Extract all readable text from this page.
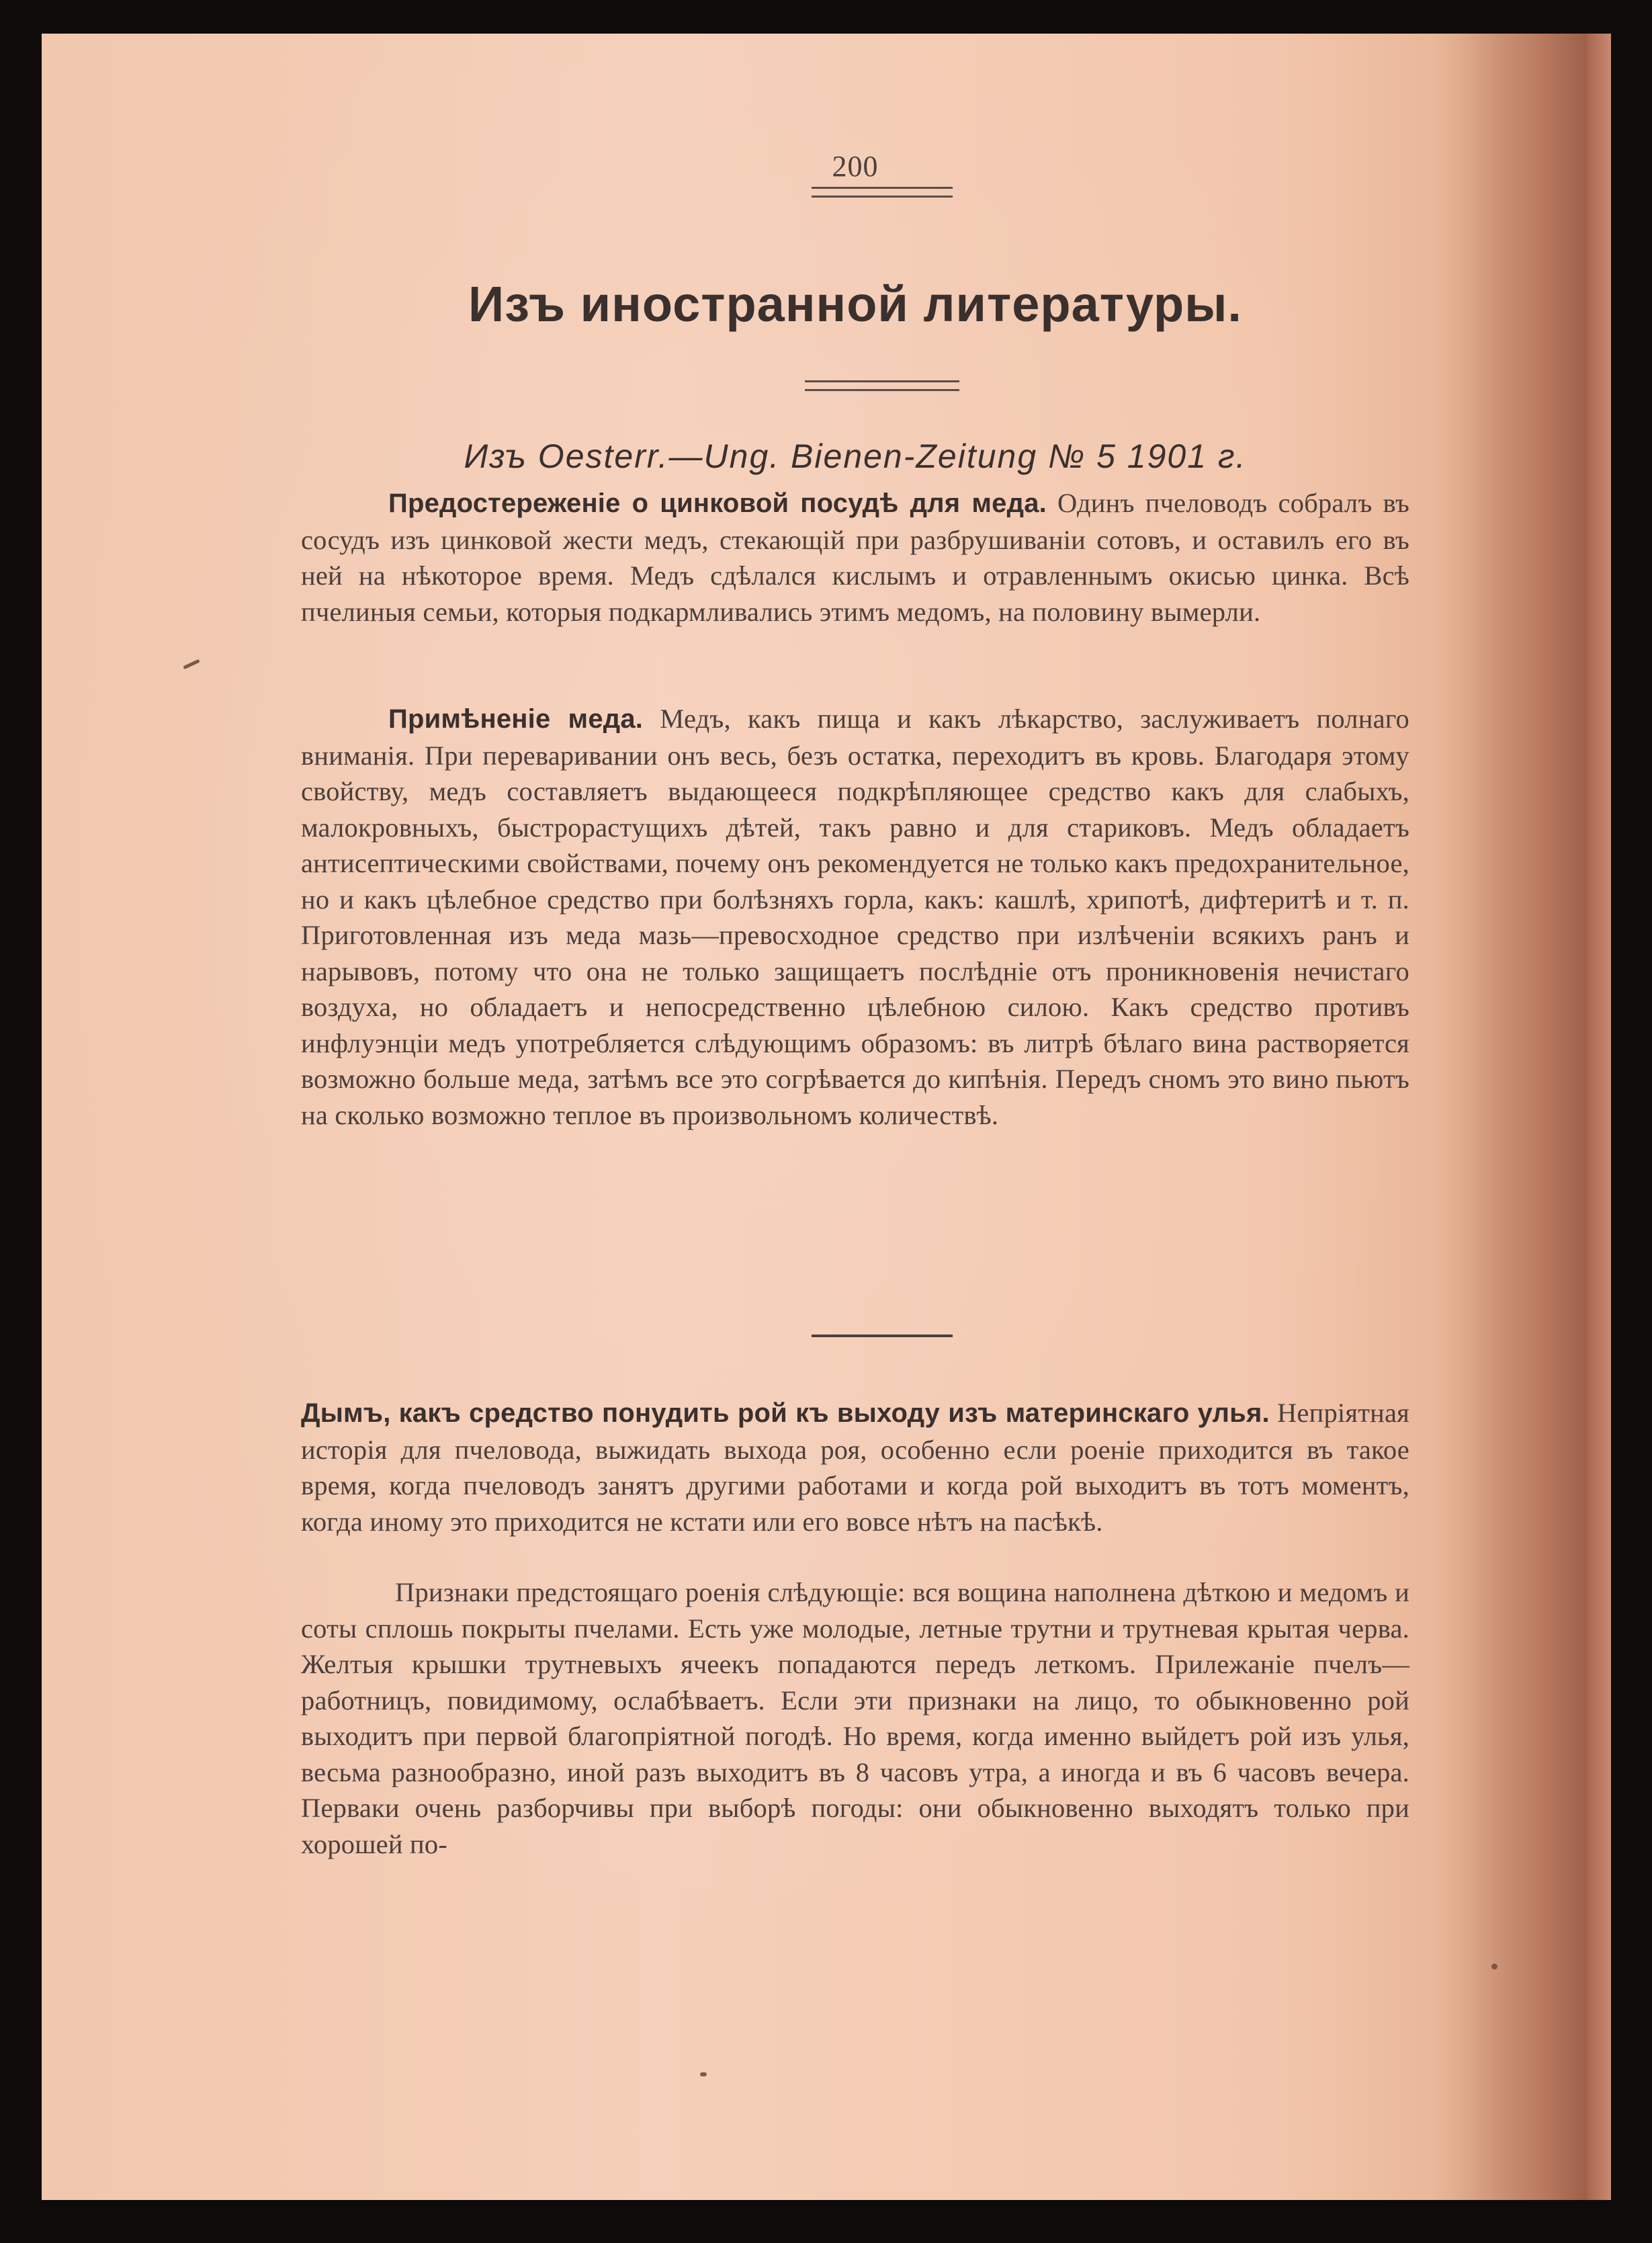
200
Изъ иностранной литературы.
Изъ Oesterr.—Ung. Bienen-Zeitung № 5 1901 г.

Предостереженіе о цинковой посудѣ для меда. Одинъ пчеловодъ собралъ въ сосудъ изъ цинковой жести медъ, стекающій при разбрушиваніи сотовъ, и оставилъ его въ ней на нѣкоторое время. Медъ сдѣлался кислымъ и отравленнымъ окисью цинка. Всѣ пчелиныя семьи, которыя подкармливались этимъ медомъ, на половину вымерли.

Примѣненіе меда. Медъ, какъ пища и какъ лѣкарство, заслуживаетъ полнаго вниманія. При переваривании онъ весь, безъ остатка, переходитъ въ кровь. Благодаря этому свойству, медъ составляетъ выдающееся подкрѣпляющее средство какъ для слабыхъ, малокровныхъ, быстрорастущихъ дѣтей, такъ равно и для стариковъ. Медъ обладаетъ антисептическими свойствами, почему онъ рекомендуется не только какъ предохранительное, но и какъ цѣлебное средство при болѣзняхъ горла, какъ: кашлѣ, хрипотѣ, дифтеритѣ и т. п. Приготовленная изъ меда мазь—превосходное средство при излѣченіи всякихъ ранъ и нарывовъ, потому что она не только защищаетъ послѣдніе отъ проникновенія нечистаго воздуха, но обладаетъ и непосредственно цѣлебною силою. Какъ средство противъ инфлуэнціи медъ употребляется слѣдующимъ образомъ: въ литрѣ бѣлаго вина растворяется возможно больше меда, затѣмъ все это согрѣвается до кипѣнія. Передъ сномъ это вино пьютъ на сколько возможно теплое въ произвольномъ количествѣ.

Дымъ, какъ средство понудить рой къ выходу изъ материнскаго улья. Непріятная исторія для пчеловода, выжидать выхода роя, особенно если роеніе приходится въ такое время, когда пчеловодъ занятъ другими работами и когда рой выходитъ въ тотъ моментъ, когда иному это приходится не кстати или его вовсе нѣтъ на пасѣкѣ.

Признаки предстоящаго роенія слѣдующіе: вся вощина наполнена дѣткою и медомъ и соты сплошь покрыты пчелами. Есть уже молодые, летные трутни и трутневая крытая черва. Желтыя крышки трутневыхъ ячеекъ попадаются передъ леткомъ. Прилежаніе пчелъ—работницъ, повидимому, ослабѣваетъ. Если эти признаки на лицо, то обыкновенно рой выходитъ при первой благопріятной погодѣ. Но время, когда именно выйдетъ рой изъ улья, весьма разнообразно, иной разъ выходитъ въ 8 часовъ утра, а иногда и въ 6 часовъ вечера. Перваки очень разборчивы при выборѣ погоды: они обыкновенно выходятъ только при хорошей по-
